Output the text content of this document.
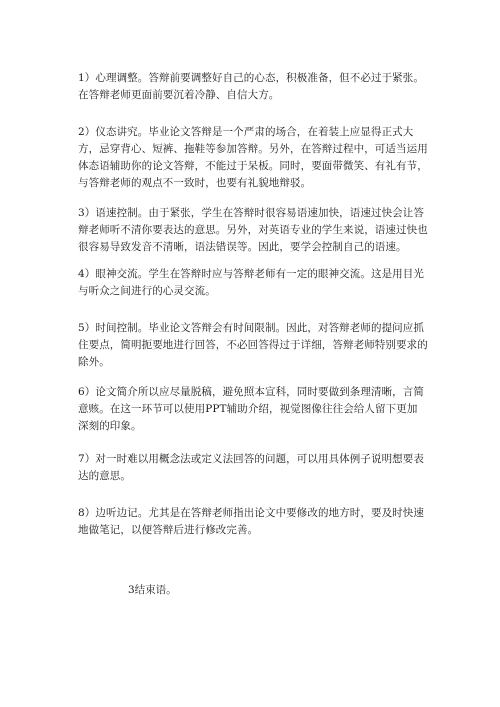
1）心理调整。答辩前要调整好自己的心态，积极准备，但不必过于紧张。在答辩老师更面前要沉着冷静、自信大方。

2）仪态讲究。毕业论文答辩是一个严肃的场合，在着装上应显得正式大方，忌穿背心、短裤、拖鞋等参加答辩。另外，在答辩过程中，可适当运用体态语辅助你的论文答辩，不能过于呆板。同时，要面带微笑、有礼有节，与答辩老师的观点不一致时，也要有礼貌地辩驳。

3）语速控制。由于紧张，学生在答辩时很容易语速加快，语速过快会让答辩老师听不清你要表达的意思。另外，对英语专业的学生来说，语速过快也很容易导致发音不清晰，语法错误等。因此，要学会控制自己的语速。

4）眼神交流。学生在答辩时应与答辩老师有一定的眼神交流。这是用目光与听众之间进行的心灵交流。

5）时间控制。毕业论文答辩会有时间限制。因此，对答辩老师的提问应抓住要点，简明扼要地进行回答，不必回答得过于详细，答辩老师特别要求的除外。

6）论文简介所以应尽量脱稿，避免照本宣科，同时要做到条理清晰，言简意赅。在这一环节可以使用PPT辅助介绍，视觉图像往往会给人留下更加深刻的印象。

7）对一时难以用概念法或定义法回答的问题，可以用具体例子说明想要表达的意思。

8）边听边记。尤其是在答辩老师指出论文中要修改的地方时，要及时快速地做笔记，以便答辩后进行修改完善。

3结束语。
